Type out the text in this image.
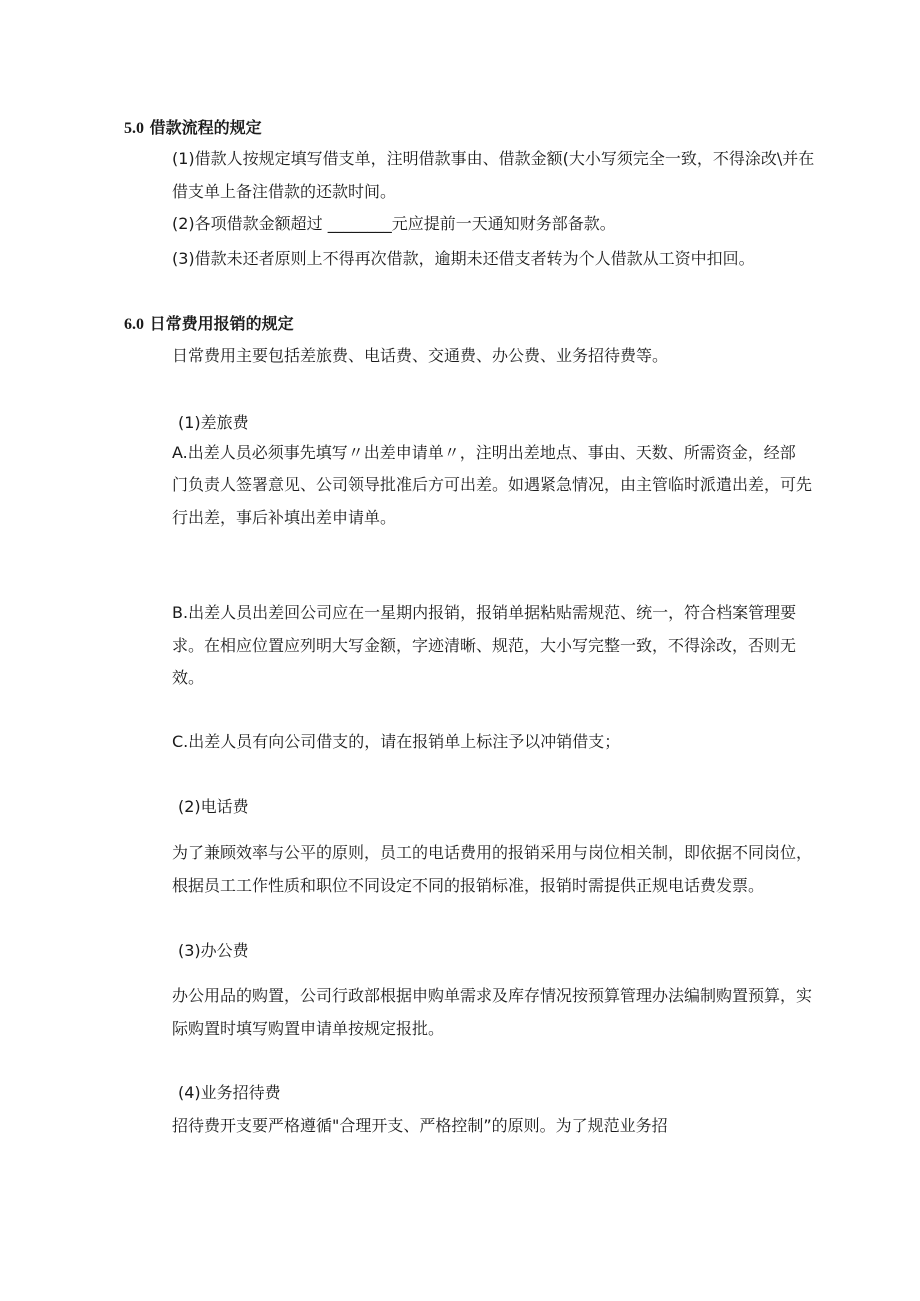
5.0 借款流程的规定
(1)借款人按规定填写借支单，注明借款事由、借款金额(大小写须完全一致，不得涂改\并在
借支单上备注借款的还款时间。
(2)各项借款金额超过 ________元应提前一天通知财务部备款。
(3)借款未还者原则上不得再次借款，逾期未还借支者转为个人借款从工资中扣回。
6.0 日常费用报销的规定
日常费用主要包括差旅费、电话费、交通费、办公费、业务招待费等。
(1)差旅费
A.出差人员必须事先填写〃出差申请单〃，注明出差地点、事由、天数、所需资金，经部
门负责人签署意见、公司领导批准后方可出差。如遇紧急情况，由主管临时派遣出差，可先
行出差，事后补填出差申请单。
B.出差人员出差回公司应在一星期内报销，报销单据粘贴需规范、统一，符合档案管理要
求。在相应位置应列明大写金额，字迹清晰、规范，大小写完整一致，不得涂改，否则无
效。
C.出差人员有向公司借支的，请在报销单上标注予以冲销借支；
(2)电话费
为了兼顾效率与公平的原则，员工的电话费用的报销采用与岗位相关制，即依据不同岗位，
根据员工工作性质和职位不同设定不同的报销标准，报销时需提供正规电话费发票。
(3)办公费
办公用品的购置，公司行政部根据申购单需求及库存情况按预算管理办法编制购置预算，实
际购置时填写购置申请单按规定报批。
(4)业务招待费
招待费开支要严格遵循"合理开支、严格控制”的原则。为了规范业务招
